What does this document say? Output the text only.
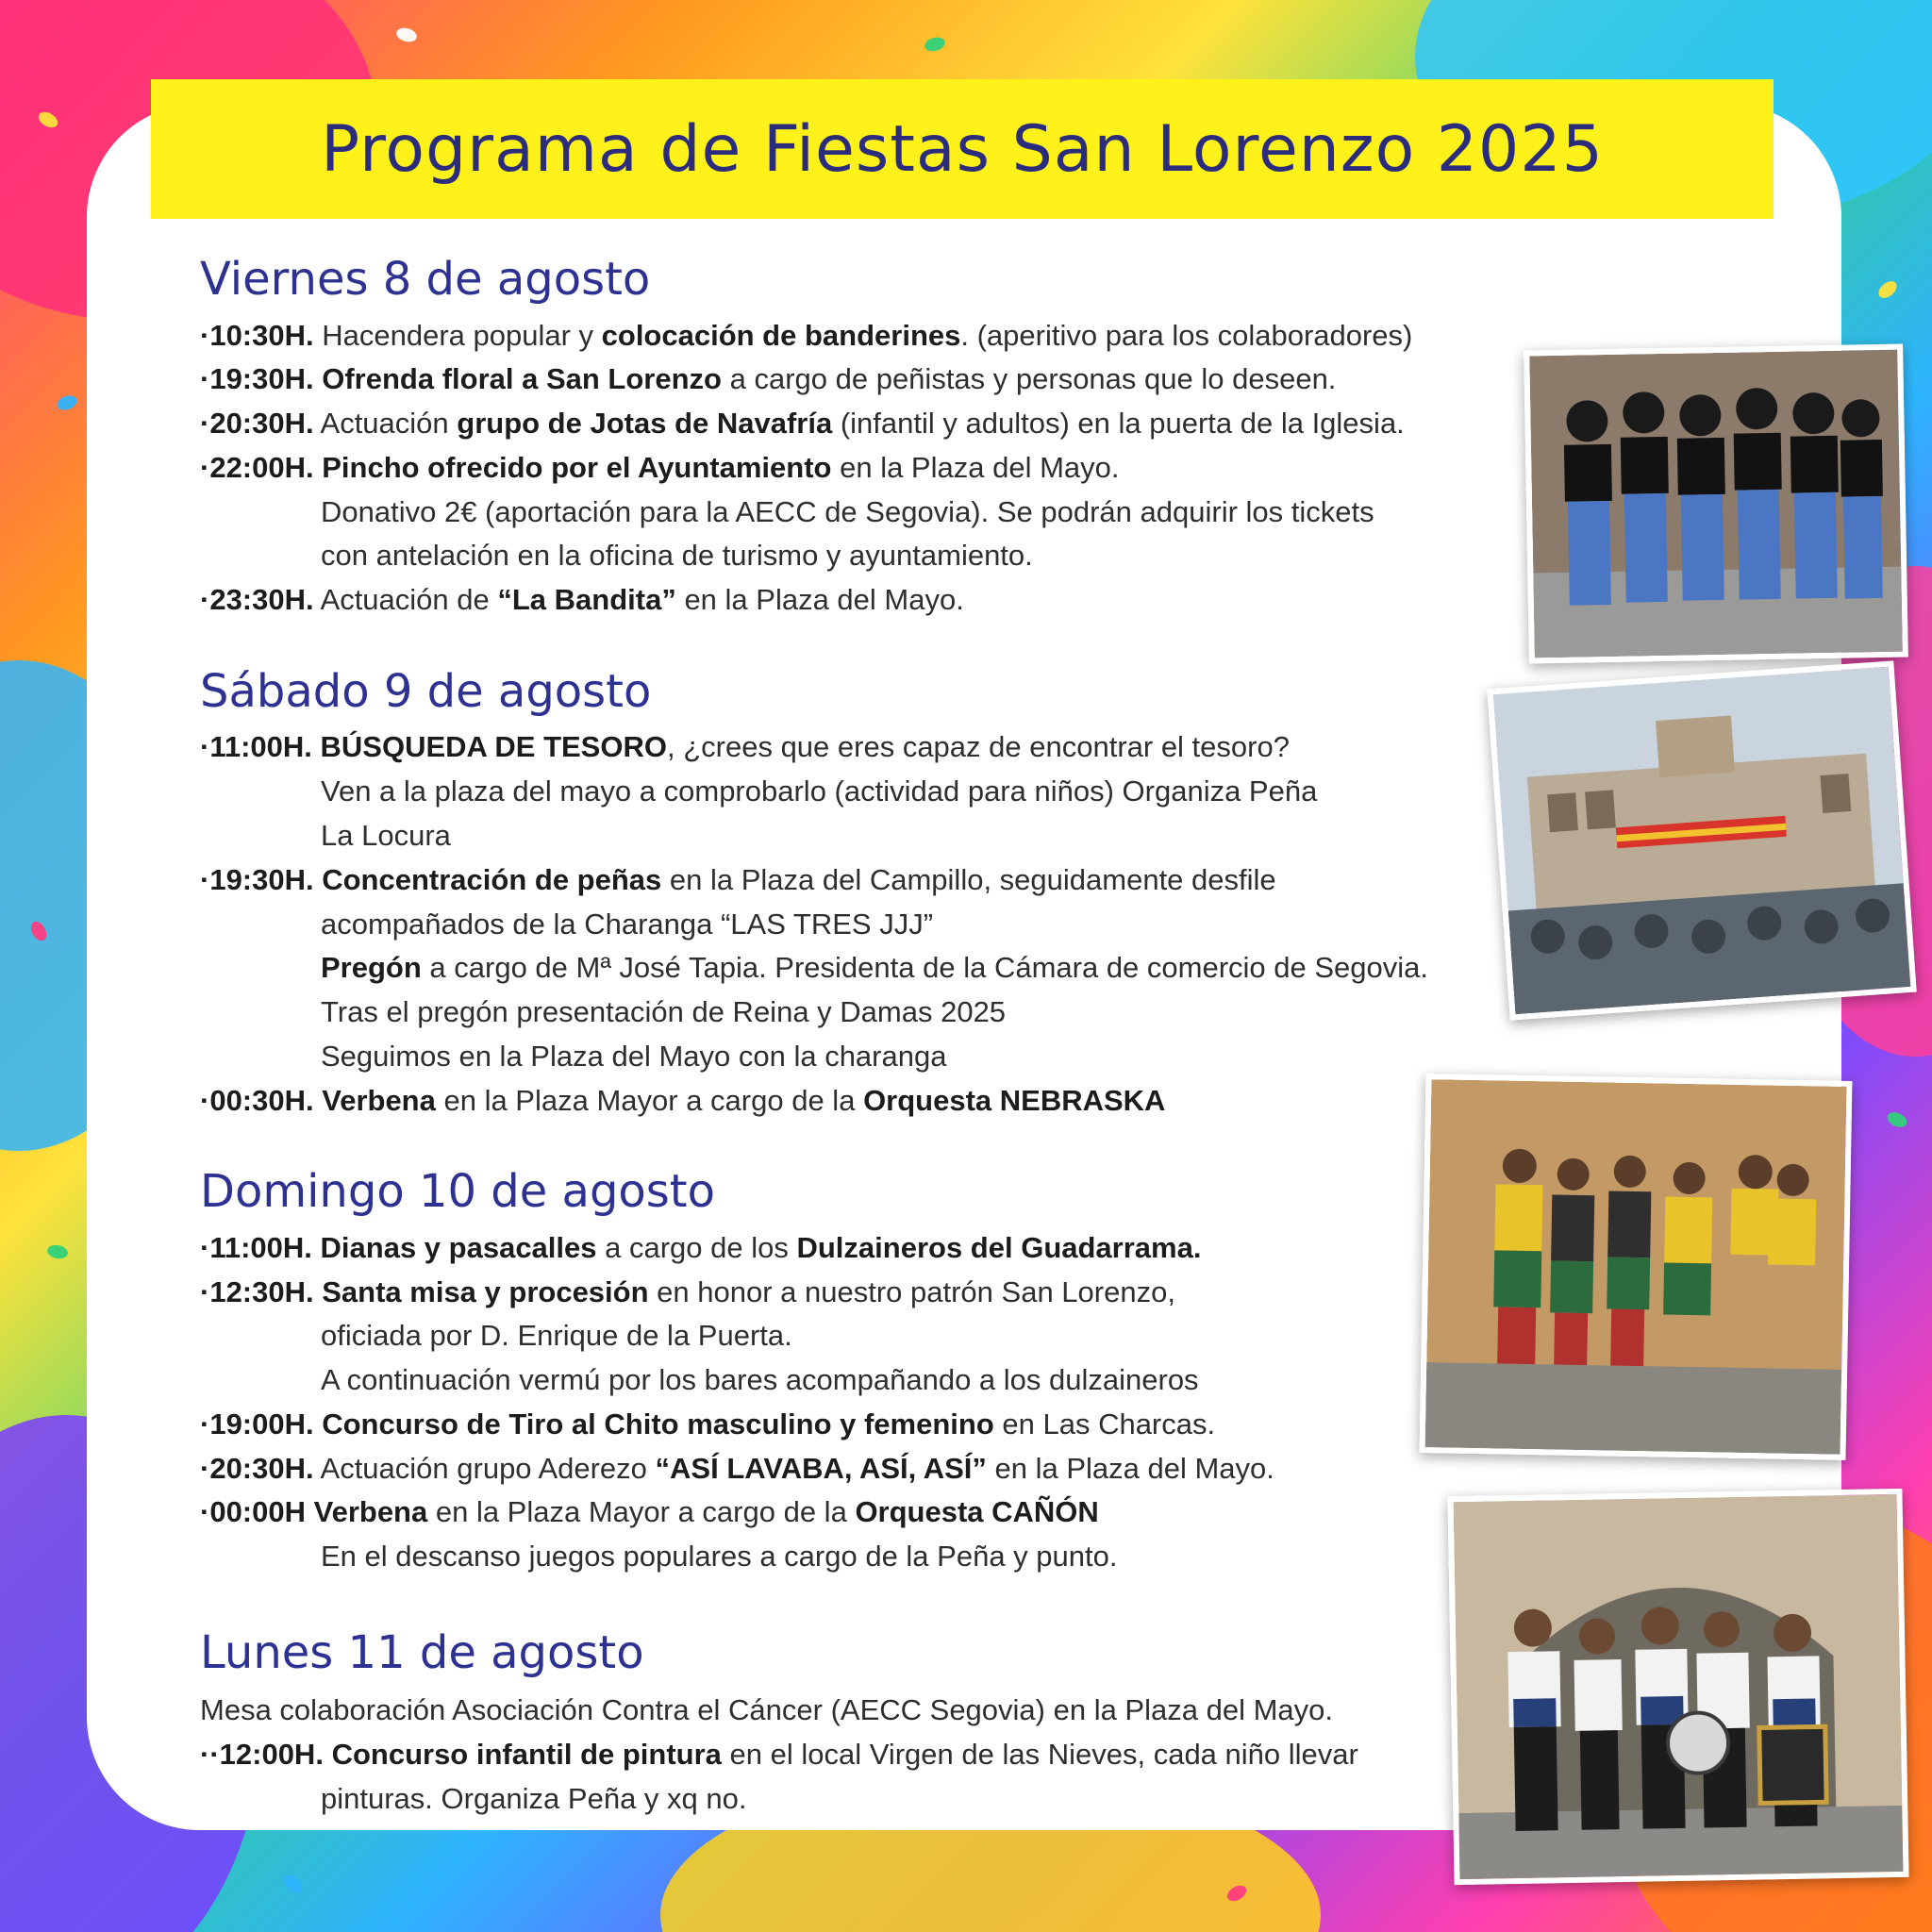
Programa de Fiestas San Lorenzo 2025
Viernes 8 de agosto
·10:30H. Hacendera popular y colocación de banderines. (aperitivo para los colaboradores)
·19:30H. Ofrenda floral a San Lorenzo a cargo de peñistas y personas que lo deseen.
·20:30H. Actuación grupo de Jotas de Navafría (infantil y adultos) en la puerta de la Iglesia.
·22:00H. Pincho ofrecido por el Ayuntamiento en la Plaza del Mayo.
Donativo 2€ (aportación para la AECC de Segovia). Se podrán adquirir los tickets
con antelación en la oficina de turismo y ayuntamiento.
·23:30H. Actuación de “La Bandita” en la Plaza del Mayo.
Sábado 9 de agosto
·11:00H. BÚSQUEDA DE TESORO, ¿crees que eres capaz de encontrar el tesoro?
Ven a la plaza del mayo a comprobarlo (actividad para niños) Organiza Peña
La Locura
·19:30H. Concentración de peñas en la Plaza del Campillo, seguidamente desfile
acompañados de la Charanga “LAS TRES JJJ”
Pregón a cargo de Mª José Tapia. Presidenta de la Cámara de comercio de Segovia.
Tras el pregón presentación de Reina y Damas 2025
Seguimos en la Plaza del Mayo con la charanga
·00:30H. Verbena en la Plaza Mayor a cargo de la Orquesta NEBRASKA
Domingo 10 de agosto
·11:00H. Dianas y pasacalles a cargo de los Dulzaineros del Guadarrama.
·12:30H. Santa misa y procesión en honor a nuestro patrón San Lorenzo,
oficiada por D. Enrique de la Puerta.
A continuación vermú por los bares acompañando a los dulzaineros
·19:00H. Concurso de Tiro al Chito masculino y femenino en Las Charcas.
·20:30H. Actuación grupo Aderezo “ASÍ LAVABA, ASÍ, ASÍ” en la Plaza del Mayo.
·00:00H Verbena en la Plaza Mayor a cargo de la Orquesta CAÑÓN
En el descanso juegos populares a cargo de la Peña y punto.
Lunes 11 de agosto
Mesa colaboración Asociación Contra el Cáncer (AECC Segovia) en la Plaza del Mayo.
··12:00H. Concurso infantil de pintura en el local Virgen de las Nieves, cada niño llevar
pinturas. Organiza Peña y xq no.
